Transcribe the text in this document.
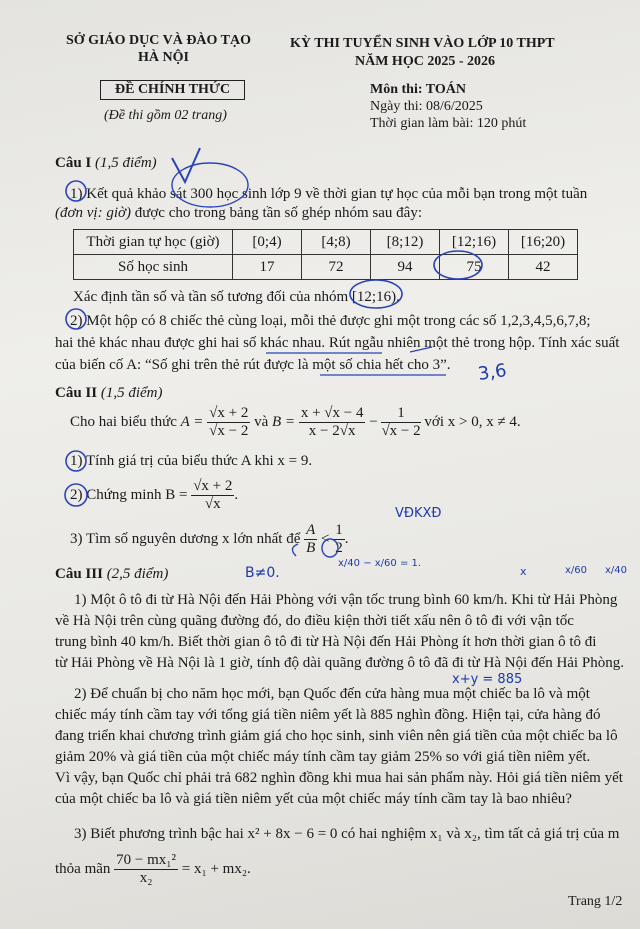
SỞ GIÁO DỤC VÀ ĐÀO TẠO
HÀ NỘI
KỲ THI TUYỂN SINH VÀO LỚP 10 THPT
NĂM HỌC 2025 - 2026
ĐỀ CHÍNH THỨC
(Đề thi gồm 02 trang)
Môn thi: TOÁN
Ngày thi: 08/6/2025
Thời gian làm bài: 120 phút
Câu I (1,5 điểm)
1) Kết quả khảo sát 300 học sinh lớp 9 về thời gian tự học của mỗi bạn trong một tuần
(đơn vị: giờ) được cho trong bảng tần số ghép nhóm sau đây:
Thời gian tự học (giờ)	[0;4)	[4;8)	[8;12)	[12;16)	[16;20)
Số học sinh	17	72	94	75	42
Xác định tần số và tần số tương đối của nhóm [12;16).
2) Một hộp có 8 chiếc thẻ cùng loại, mỗi thẻ được ghi một trong các số 1,2,3,4,5,6,7,8;
hai thẻ khác nhau được ghi hai số khác nhau. Rút ngẫu nhiên một thẻ trong hộp. Tính xác suất
của biến cố A: “Số ghi trên thẻ rút được là một số chia hết cho 3”.
Câu II (1,5 điểm)
Cho hai biểu thức $A = \frac{√x + 2}{√x - 2}$ và $B = \frac{x + √x - 4}{x - 2√x} - \frac{1}{√x - 2}$ với x > 0, x ≠ 4.
1) Tính giá trị của biểu thức A khi x = 9.
2) Chứng minh $B = \frac{√x + 2}{√x}$ .
3) Tìm số nguyên dương x lớn nhất để $\frac{A}{B} < \frac{1}{2}$ .
Câu III (2,5 điểm)
1) Một ô tô đi từ Hà Nội đến Hải Phòng với vận tốc trung bình 60 km/h. Khi từ Hải Phòng
về Hà Nội trên cùng quãng đường đó, do điều kiện thời tiết xấu nên ô tô đi với vận tốc
trung bình 40 km/h. Biết thời gian ô tô đi từ Hà Nội đến Hải Phòng ít hơn thời gian ô tô đi
từ Hải Phòng về Hà Nội là 1 giờ, tính độ dài quãng đường ô tô đã đi từ Hà Nội đến Hải Phòng.
2) Để chuẩn bị cho năm học mới, bạn Quốc đến cửa hàng mua một chiếc ba lô và một
chiếc máy tính cầm tay với tổng giá tiền niêm yết là 885 nghìn đồng. Hiện tại, cửa hàng đó
đang triển khai chương trình giảm giá cho học sinh, sinh viên nên giá tiền của một chiếc ba lô
giảm 20% và giá tiền của một chiếc máy tính cầm tay giảm 25% so với giá tiền niêm yết.
Vì vậy, bạn Quốc chỉ phải trả 682 nghìn đồng khi mua hai sản phẩm này. Hỏi giá tiền niêm yết
của một chiếc ba lô và giá tiền niêm yết của một chiếc máy tính cầm tay là bao nhiêu?
3) Biết phương trình bậc hai x² + 8x − 6 = 0 có hai nghiệm x₁ và x₂, tìm tất cả giá trị của m
thỏa mãn $\frac{\text{70 − mx₁²}}{\text{x₂}} = x_1 + mx_2$.
Trang 1/2
3,6
VĐKXĐ
B≠0.
x/40 − x/60 = 1.
x/60 x/40
x+y = 885
x
